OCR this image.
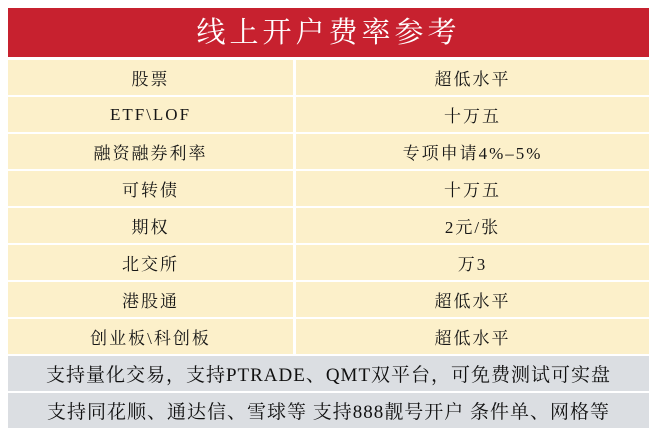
线上开户费率参考
股票	超低水平
ETF\LOF	十万五
融资融券利率	专项申请4%–5%
可转债	十万五
期权	2元/张
北交所	万3
港股通	超低水平
创业板\科创板	超低水平
支持量化交易，支持PTRADE、QMT双平台，可免费测试可实盘
支持同花顺、通达信、雪球等 支持888靓号开户 条件单、网格等
